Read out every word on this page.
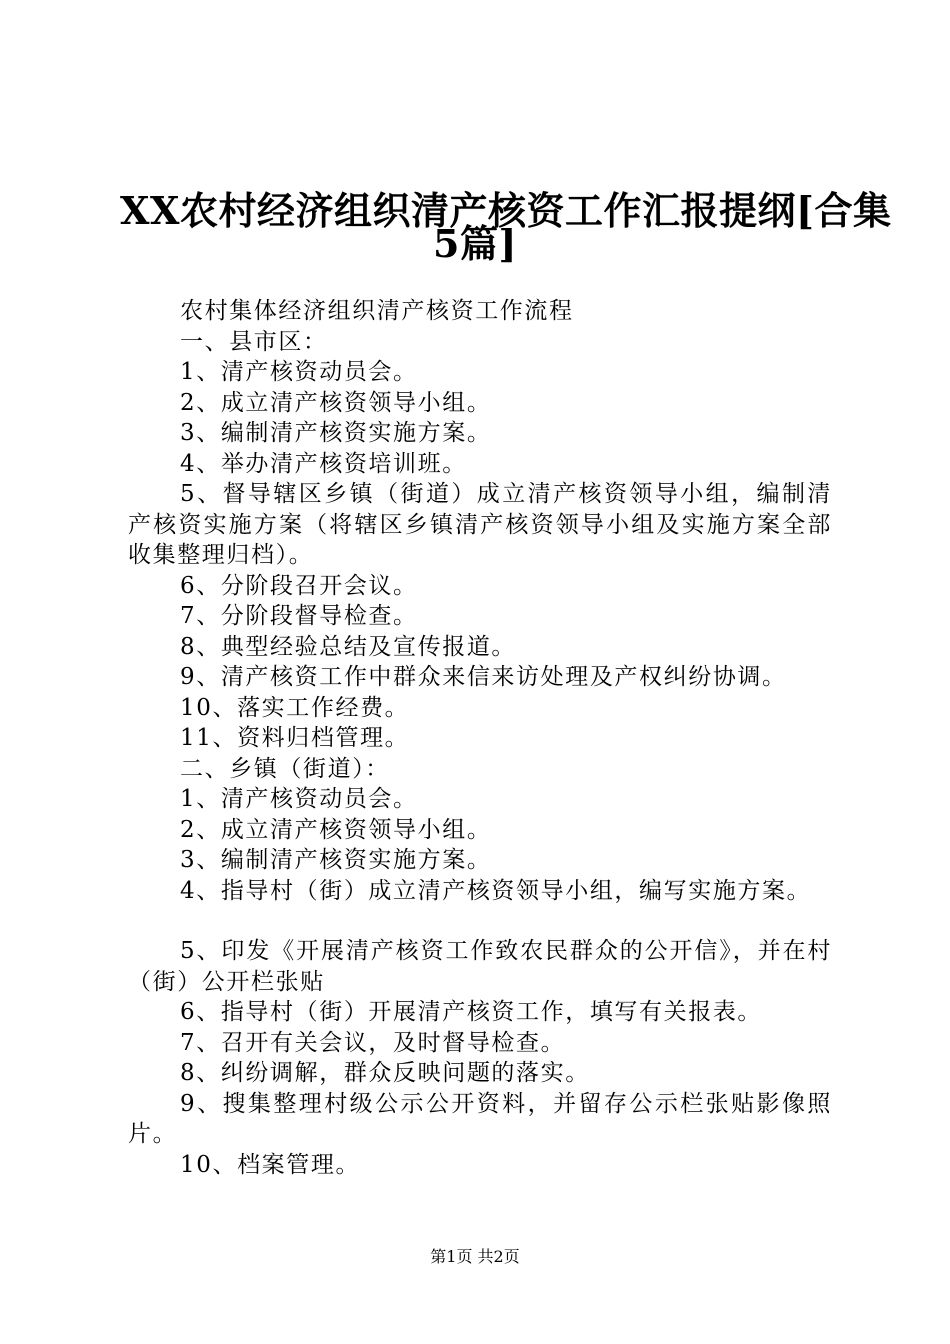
XX农村经济组织清产核资工作汇报提纲[合集
5篇]

农村集体经济组织清产核资工作流程

一、县市区：

1、清产核资动员会。

2、成立清产核资领导小组。

3、编制清产核资实施方案。

4、举办清产核资培训班。

5、督导辖区乡镇（街道）成立清产核资领导小组，编制清产核资实施方案（将辖区乡镇清产核资领导小组及实施方案全部收集整理归档）。

6、分阶段召开会议。

7、分阶段督导检查。

8、典型经验总结及宣传报道。

9、清产核资工作中群众来信来访处理及产权纠纷协调。

10、落实工作经费。

11、资料归档管理。

二、乡镇（街道）：

1、清产核资动员会。

2、成立清产核资领导小组。

3、编制清产核资实施方案。

4、指导村（街）成立清产核资领导小组，编写实施方案。

5、印发《开展清产核资工作致农民群众的公开信》，并在村（街）公开栏张贴

6、指导村（街）开展清产核资工作，填写有关报表。

7、召开有关会议，及时督导检查。

8、纠纷调解，群众反映问题的落实。

9、搜集整理村级公示公开资料，并留存公示栏张贴影像照片。

10、档案管理。

第1页 共2页
